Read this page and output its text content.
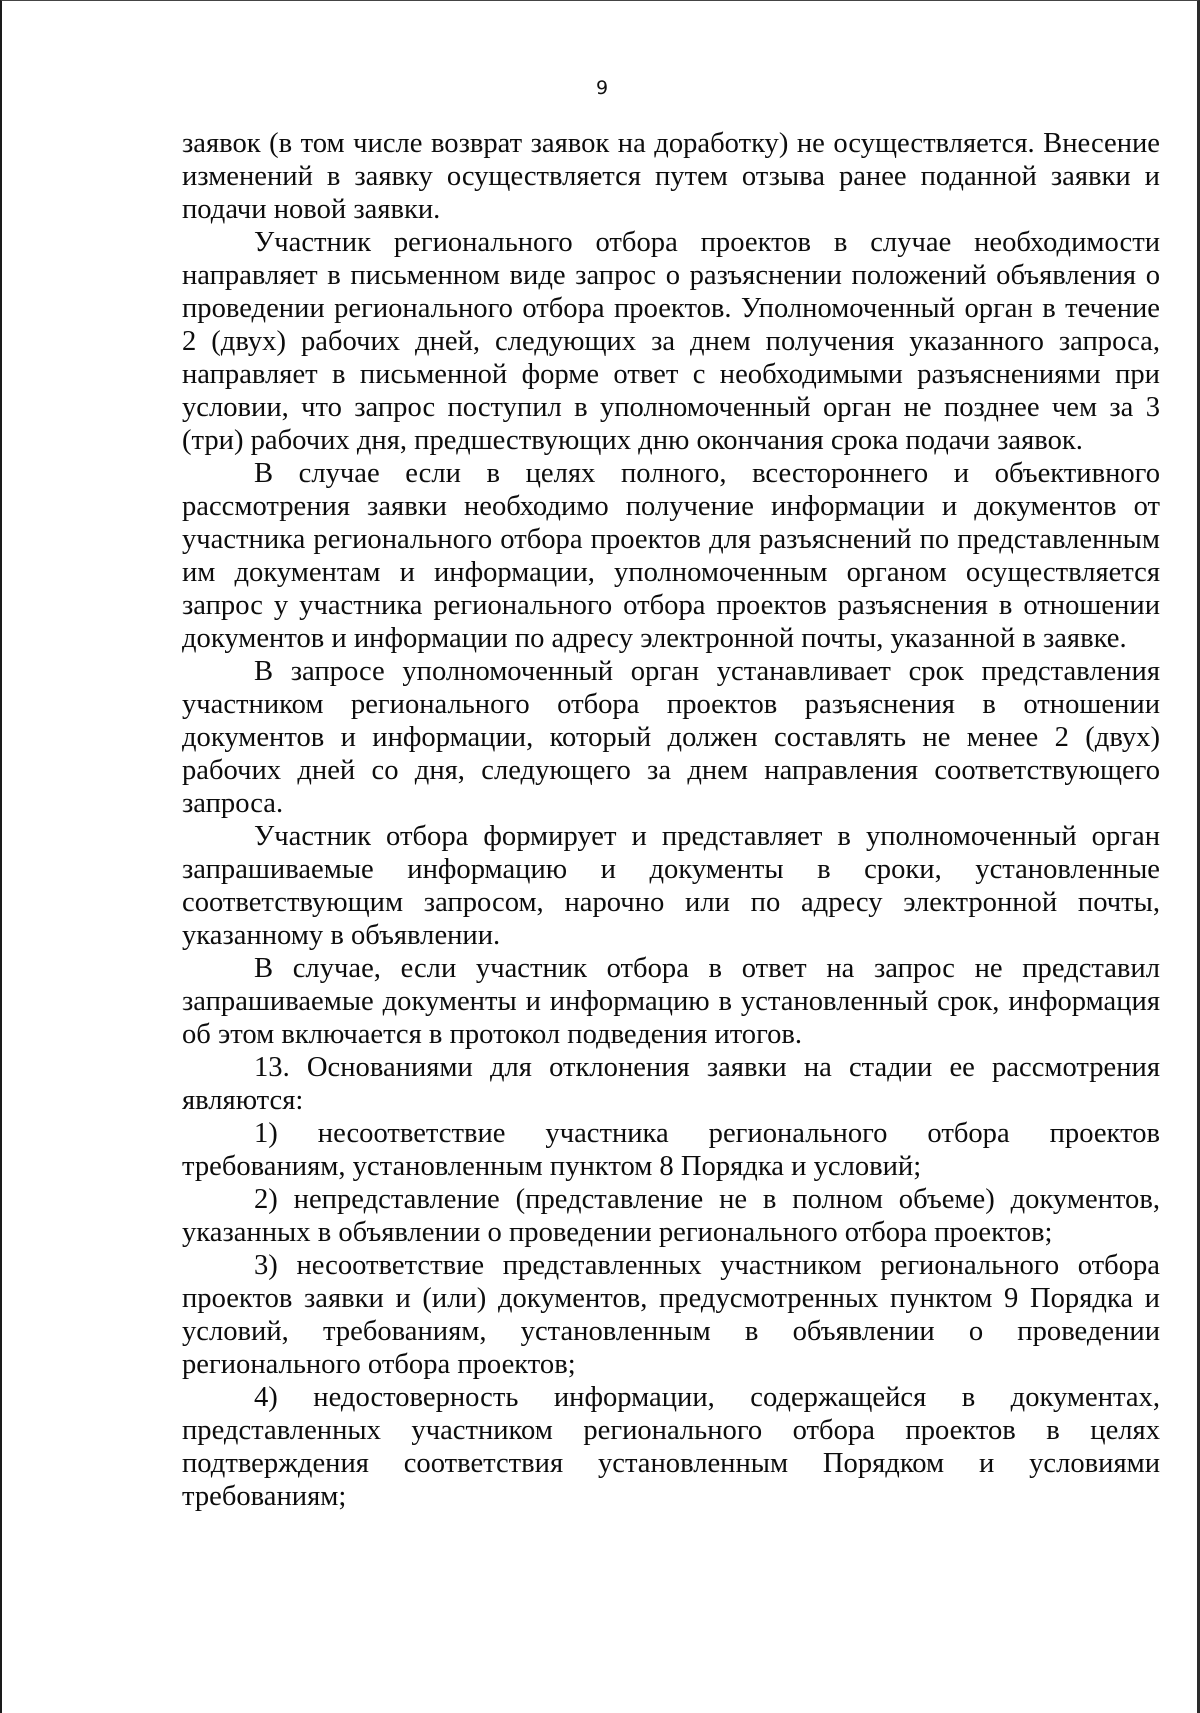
9

заявок (в том числе возврат заявок на доработку) не осуществляется. Внесение изменений в заявку осуществляется путем отзыва ранее поданной заявки и подачи новой заявки.

Участник регионального отбора проектов в случае необходимости направляет в письменном виде запрос о разъяснении положений объявления о проведении регионального отбора проектов. Уполномоченный орган в течение 2 (двух) рабочих дней, следующих за днем получения указанного запроса, направляет в письменной форме ответ с необходимыми разъяснениями при условии, что запрос поступил в уполномоченный орган не позднее чем за 3 (три) рабочих дня, предшествующих дню окончания срока подачи заявок.

В случае если в целях полного, всестороннего и объективного рассмотрения заявки необходимо получение информации и документов от участника регионального отбора проектов для разъяснений по представленным им документам и информации, уполномоченным органом осуществляется запрос у участника регионального отбора проектов разъяснения в отношении документов и информации по адресу электронной почты, указанной в заявке.

В запросе уполномоченный орган устанавливает срок представления участником регионального отбора проектов разъяснения в отношении документов и информации, который должен составлять не менее 2 (двух) рабочих дней со дня, следующего за днем направления соответствующего запроса.

Участник отбора формирует и представляет в уполномоченный орган запрашиваемые информацию и документы в сроки, установленные соответствующим запросом, нарочно или по адресу электронной почты, указанному в объявлении.

В случае, если участник отбора в ответ на запрос не представил запрашиваемые документы и информацию в установленный срок, информация об этом включается в протокол подведения итогов.

13. Основаниями для отклонения заявки на стадии ее рассмотрения являются:

1) несоответствие участника регионального отбора проектов требованиям, установленным пунктом 8 Порядка и условий;

2) непредставление (представление не в полном объеме) документов, указанных в объявлении о проведении регионального отбора проектов;

3) несоответствие представленных участником регионального отбора проектов заявки и (или) документов, предусмотренных пунктом 9 Порядка и условий, требованиям, установленным в объявлении о проведении регионального отбора проектов;

4) недостоверность информации, содержащейся в документах, представленных участником регионального отбора проектов в целях подтверждения соответствия установленным Порядком и условиями требованиям;
